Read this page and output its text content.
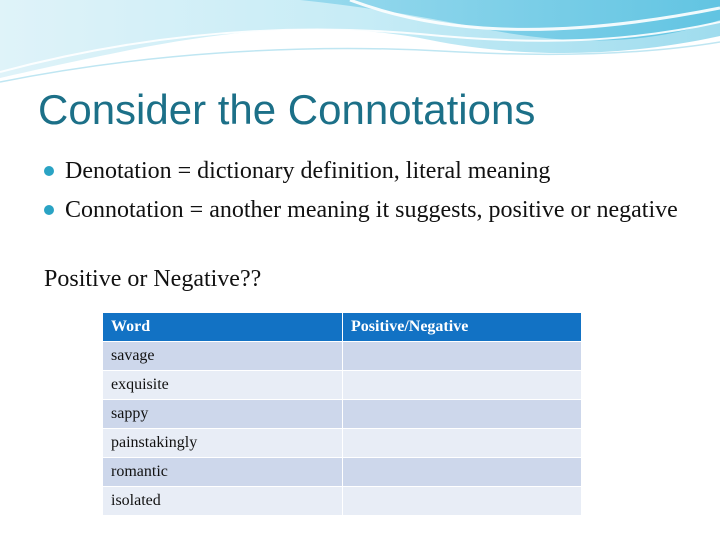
Consider the Connotations
Denotation = dictionary definition, literal meaning
Connotation = another meaning it suggests, positive or negative

Positive or Negative??

Word	Positive/Negative
savage	
exquisite	
sappy	
painstakingly	
romantic	
isolated	
